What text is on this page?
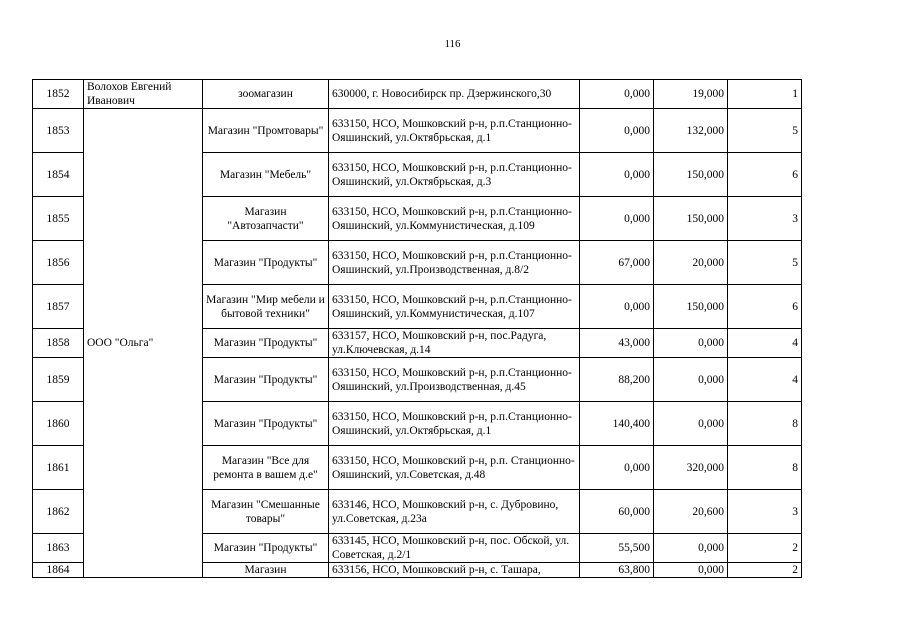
116
1852	Волохов Евгений Иванович	зоомагазин	630000, г. Новосибирск пр. Дзержинского,30	0,000	19,000	1
1853	ООО "Ольга"	Магазин "Промтовары"	633150, НСО, Мошковский р-н, р.п.Станционно-Ояшинский, ул.Октябрьская, д.1	0,000	132,000	5
1854		Магазин "Мебель"	633150, НСО, Мошковский р-н, р.п.Станционно-Ояшинский, ул.Октябрьская, д.3	0,000	150,000	6
1855		Магазин "Автозапчасти"	633150, НСО, Мошковский р-н, р.п.Станционно-Ояшинский, ул.Коммунистическая, д.109	0,000	150,000	3
1856		Магазин "Продукты"	633150, НСО, Мошковский р-н, р.п.Станционно-Ояшинский, ул.Производственная, д.8/2	67,000	20,000	5
1857		Магазин "Мир мебели и бытовой техники"	633150, НСО, Мошковский р-н, р.п.Станционно-Ояшинский, ул.Коммунистическая, д.107	0,000	150,000	6
1858		Магазин "Продукты"	633157, НСО, Мошковский р-н, пос.Радуга, ул.Ключевская, д.14	43,000	0,000	4
1859		Магазин "Продукты"	633150, НСО, Мошковский р-н, р.п.Станционно-Ояшинский, ул.Производственная, д.45	88,200	0,000	4
1860		Магазин "Продукты"	633150, НСО, Мошковский р-н, р.п.Станционно-Ояшинский, ул.Октябрьская, д.1	140,400	0,000	8
1861		Магазин "Все для ремонта в вашем д.е"	633150, НСО, Мошковский р-н, р.п. Станционно-Ояшинский, ул.Советская, д.48	0,000	320,000	8
1862		Магазин "Смешанные товары"	633146, НСО, Мошковский р-н, с. Дубровино, ул.Советская, д.23а	60,000	20,600	3
1863		Магазин "Продукты"	633145, НСО, Мошковский р-н, пос. Обской, ул. Советская, д.2/1	55,500	0,000	2
1864		Магазин	633156, НСО, Мошковский р-н, с. Ташара,	63,800	0,000	2
